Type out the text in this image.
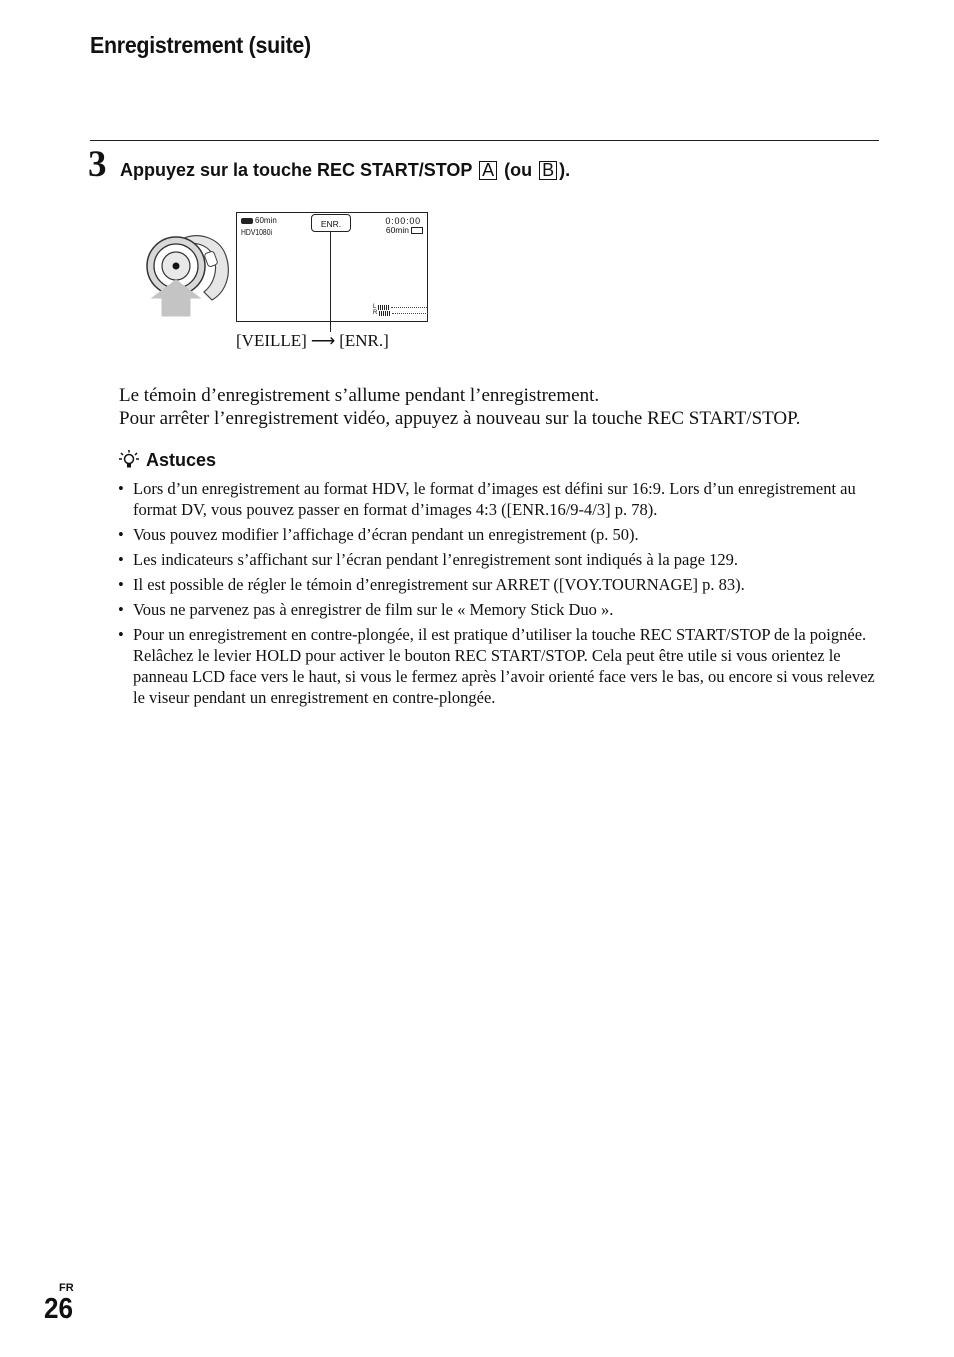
Enregistrement (suite)
3 Appuyez sur la touche REC START/STOP A (ou B ).
60min
HDV1080i
ENR.	0:00:00
60min
L
R
[VEILLE] ⟶ [ENR.]
Le témoin d’enregistrement s’allume pendant l’enregistrement.
Pour arrêter l’enregistrement vidéo, appuyez à nouveau sur la touche REC START/STOP.
Astuces
• Lors d’un enregistrement au format HDV, le format d’images est défini sur 16:9. Lors d’un enregistrement au format DV, vous pouvez passer en format d’images 4:3 ([ENR.16/9-4/3] p. 78).
• Vous pouvez modifier l’affichage d’écran pendant un enregistrement (p. 50).
• Les indicateurs s’affichant sur l’écran pendant l’enregistrement sont indiqués à la page 129.
• Il est possible de régler le témoin d’enregistrement sur ARRET ([VOY.TOURNAGE] p. 83).
• Vous ne parvenez pas à enregistrer de film sur le « Memory Stick Duo ».
• Pour un enregistrement en contre-plongée, il est pratique d’utiliser la touche REC START/STOP de la poignée. Relâchez le levier HOLD pour activer le bouton REC START/STOP. Cela peut être utile si vous orientez le panneau LCD face vers le haut, si vous le fermez après l’avoir orienté face vers le bas, ou encore si vous relevez le viseur pendant un enregistrement en contre-plongée.
FR
26
